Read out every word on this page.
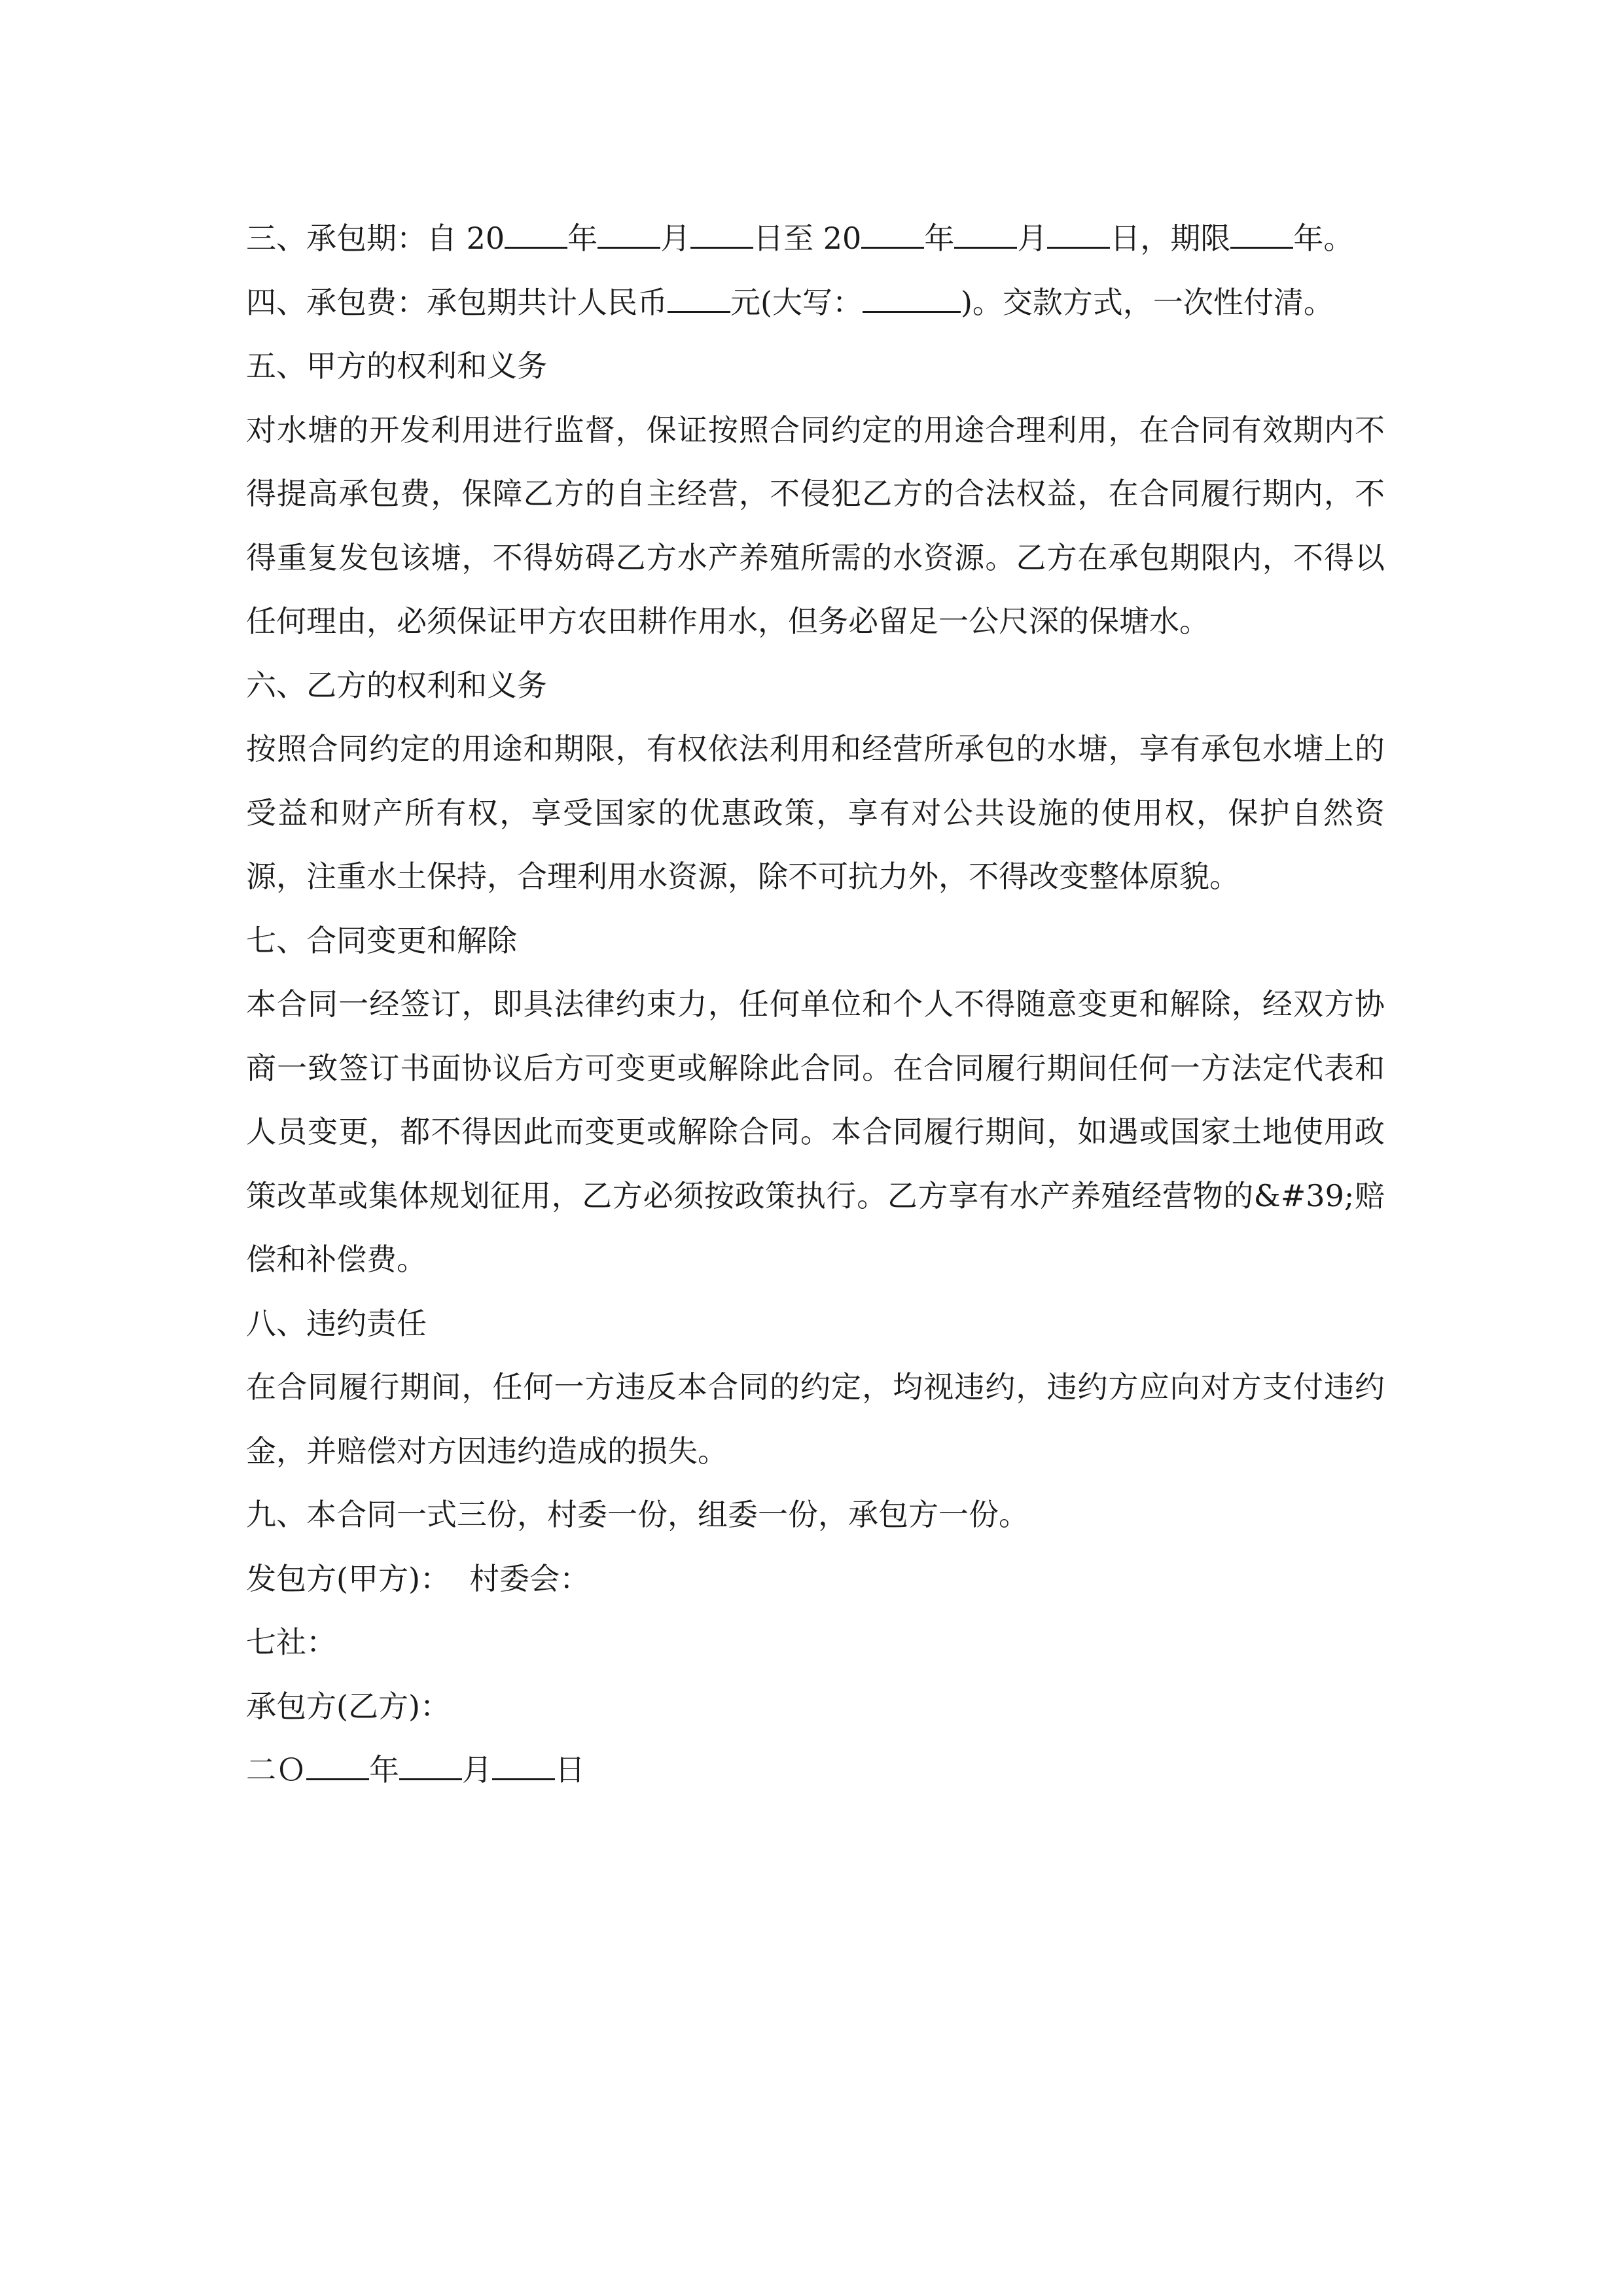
三、承包期：自 20 年 月 日至 20 年 月 日，期限 年。
四、承包费：承包期共计人民币 元(大写：	)。交款方式，一次性付清。
五、甲方的权利和义务
对水塘的开发利用进行监督，保证按照合同约定的用途合理利用，在合同有效期内不得提高承包费，保障乙方的自主经营，不侵犯乙方的合法权益，在合同履行期内，不得重复发包该塘，不得妨碍乙方水产养殖所需的水资源。乙方在承包期限内，不得以任何理由，必须保证甲方农田耕作用水，但务必留足一公尺深的保塘水。
六、乙方的权利和义务
按照合同约定的用途和期限，有权依法利用和经营所承包的水塘，享有承包水塘上的受益和财产所有权，享受国家的优惠政策，享有对公共设施的使用权，保护自然资源，注重水土保持，合理利用水资源，除不可抗力外，不得改变整体原貌。
七、合同变更和解除
本合同一经签订，即具法律约束力，任何单位和个人不得随意变更和解除，经双方协商一致签订书面协议后方可变更或解除此合同。在合同履行期间任何一方法定代表和人员变更，都不得因此而变更或解除合同。本合同履行期间，如遇或国家土地使用政策改革或集体规划征用，乙方必须按政策执行。乙方享有水产养殖经营物的&#39;赔偿和补偿费。
八、违约责任
在合同履行期间，任何一方违反本合同的约定，均视违约，违约方应向对方支付违约金，并赔偿对方因违约造成的损失。
九、本合同一式三份，村委一份，组委一份，承包方一份。
发包方(甲方)：  村委会：
七社：
承包方(乙方)：
二Ｏ 年 月 日
